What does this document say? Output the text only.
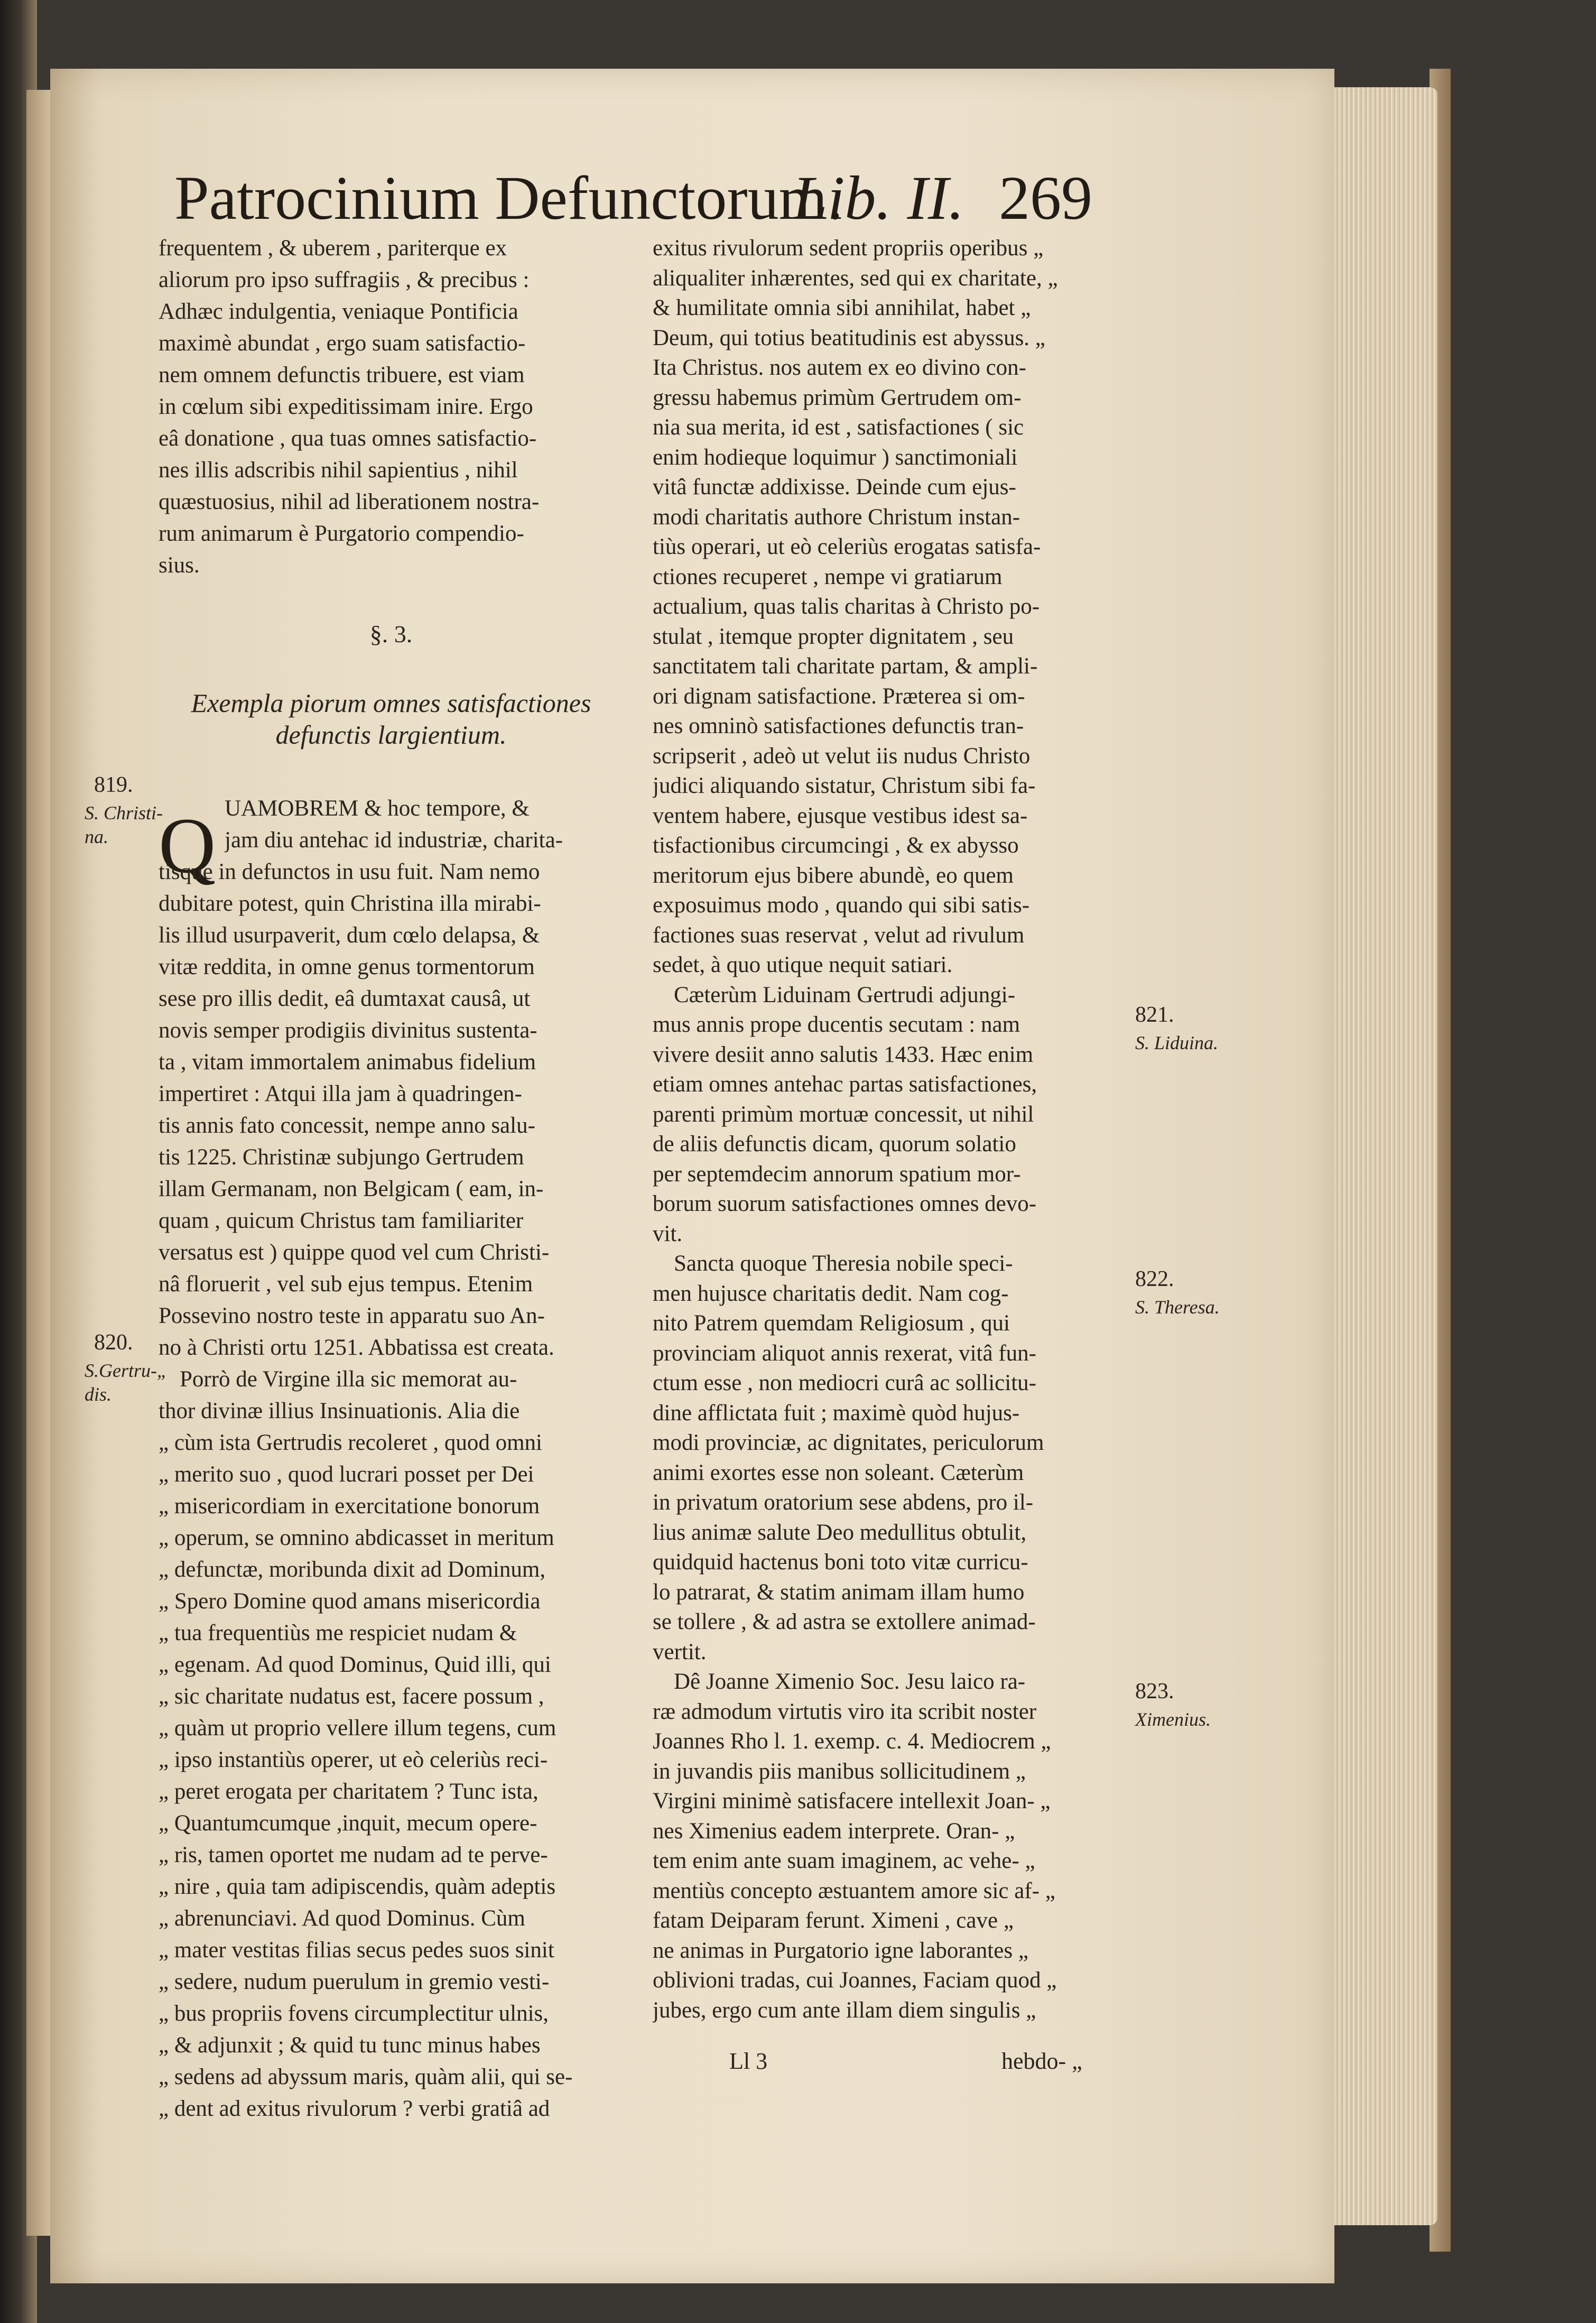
Patrocinium Defunctorum.
Lib. II. 269
Q
frequentem , & uberem , pariterque ex
aliorum pro ipso suffragiis , & precibus :
Adhæc indulgentia, veniaque Pontificia
maximè abundat , ergo suam satisfactio-
nem omnem defunctis tribuere, est viam
in cœlum sibi expeditissimam inire. Ergo
eâ donatione , qua tuas omnes satisfactio-
nes illis adscribis nihil sapientius , nihil
quæstuosius, nihil ad liberationem nostra-
rum animarum è Purgatorio compendio-
sius.
§. 3.
Exempla piorum omnes satisfactiones
defunctis largientium.
UAMOBREM & hoc tempore, &
jam diu antehac id industriæ, charita-
tisque in defunctos in usu fuit. Nam nemo
dubitare potest, quin Christina illa mirabi-
lis illud usurpaverit, dum cœlo delapsa, &
vitæ reddita, in omne genus tormentorum
sese pro illis dedit, eâ dumtaxat causâ, ut
novis semper prodigiis divinitus sustenta-
ta , vitam immortalem animabus fidelium
impertiret : Atqui illa jam à quadringen-
tis annis fato concessit, nempe anno salu-
tis 1225. Christinæ subjungo Gertrudem
illam Germanam, non Belgicam ( eam, in-
quam , quicum Christus tam familiariter
versatus est ) quippe quod vel cum Christi-
nâ floruerit , vel sub ejus tempus. Etenim
Possevino nostro teste in apparatu suo An-
no à Christi ortu 1251. Abbatissa est creata.
Porrò de Virgine illa sic memorat au-
thor divinæ illius Insinuationis. Alia die
„ cùm ista Gertrudis recoleret , quod omni
„ merito suo , quod lucrari posset per Dei
„ misericordiam in exercitatione bonorum
„ operum, se omnino abdicasset in meritum
„ defunctæ, moribunda dixit ad Dominum,
„ Spero Domine quod amans misericordia
„ tua frequentiùs me respiciet nudam &
„ egenam. Ad quod Dominus, Quid illi, qui
„ sic charitate nudatus est, facere possum ,
„ quàm ut proprio vellere illum tegens, cum
„ ipso instantiùs operer, ut eò celeriùs reci-
„ peret erogata per charitatem ? Tunc ista,
„ Quantumcumque ,inquit, mecum opere-
„ ris, tamen oportet me nudam ad te perve-
„ nire , quia tam adipiscendis, quàm adeptis
„ abrenunciavi. Ad quod Dominus. Cùm
„ mater vestitas filias secus pedes suos sinit
„ sedere, nudum puerulum in gremio vesti-
„ bus propriis fovens circumplectitur ulnis,
„ & adjunxit ; & quid tu tunc minus habes
„ sedens ad abyssum maris, quàm alii, qui se-
„ dent ad exitus rivulorum ? verbi gratiâ ad
exitus rivulorum sedent propriis operibus „
aliqualiter inhærentes, sed qui ex charitate, „
& humilitate omnia sibi annihilat, habet „
Deum, qui totius beatitudinis est abyssus. „
Ita Christus. nos autem ex eo divino con-
gressu habemus primùm Gertrudem om-
nia sua merita, id est , satisfactiones ( sic
enim hodieque loquimur ) sanctimoniali
vitâ functæ addixisse. Deinde cum ejus-
modi charitatis authore Christum instan-
tiùs operari, ut eò celeriùs erogatas satisfa-
ctiones recuperet , nempe vi gratiarum
actualium, quas talis charitas à Christo po-
stulat , itemque propter dignitatem , seu
sanctitatem tali charitate partam, & ampli-
ori dignam satisfactione. Præterea si om-
nes omninò satisfactiones defunctis tran-
scripserit , adeò ut velut iis nudus Christo
judici aliquando sistatur, Christum sibi fa-
ventem habere, ejusque vestibus idest sa-
tisfactionibus circumcingi , & ex abysso
meritorum ejus bibere abundè, eo quem
exposuimus modo , quando qui sibi satis-
factiones suas reservat , velut ad rivulum
sedet, à quo utique nequit satiari.
Cæterùm Liduinam Gertrudi adjungi-
mus annis prope ducentis secutam : nam
vivere desiit anno salutis 1433. Hæc enim
etiam omnes antehac partas satisfactiones,
parenti primùm mortuæ concessit, ut nihil
de aliis defunctis dicam, quorum solatio
per septemdecim annorum spatium mor-
borum suorum satisfactiones omnes devo-
vit.
Sancta quoque Theresia nobile speci-
men hujusce charitatis dedit. Nam cog-
nito Patrem quemdam Religiosum , qui
provinciam aliquot annis rexerat, vitâ fun-
ctum esse , non mediocri curâ ac sollicitu-
dine afflictata fuit ; maximè quòd hujus-
modi provinciæ, ac dignitates, periculorum
animi exortes esse non soleant. Cæterùm
in privatum oratorium sese abdens, pro il-
lius animæ salute Deo medullitus obtulit,
quidquid hactenus boni toto vitæ curricu-
lo patrarat, & statim animam illam humo
se tollere , & ad astra se extollere animad-
vertit.
Dê Joanne Ximenio Soc. Jesu laico ra-
ræ admodum virtutis viro ita scribit noster
Joannes Rho l. 1. exemp. c. 4. Mediocrem „
in juvandis piis manibus sollicitudinem „
Virgini minimè satisfacere intellexit Joan- „
nes Ximenius eadem interprete. Oran- „
tem enim ante suam imaginem, ac vehe- „
mentiùs concepto æstuantem amore sic af- „
fatam Deiparam ferunt. Ximeni , cave „
ne animas in Purgatorio igne laborantes „
oblivioni tradas, cui Joannes, Faciam quod „
jubes, ergo cum ante illam diem singulis „
819.
S. Christi-
na.
820.
S.Gertru-„
dis.
821.
S. Liduina.
822.
S. Theresa.
823.
Ximenius.
Ll 3	hebdo- „
